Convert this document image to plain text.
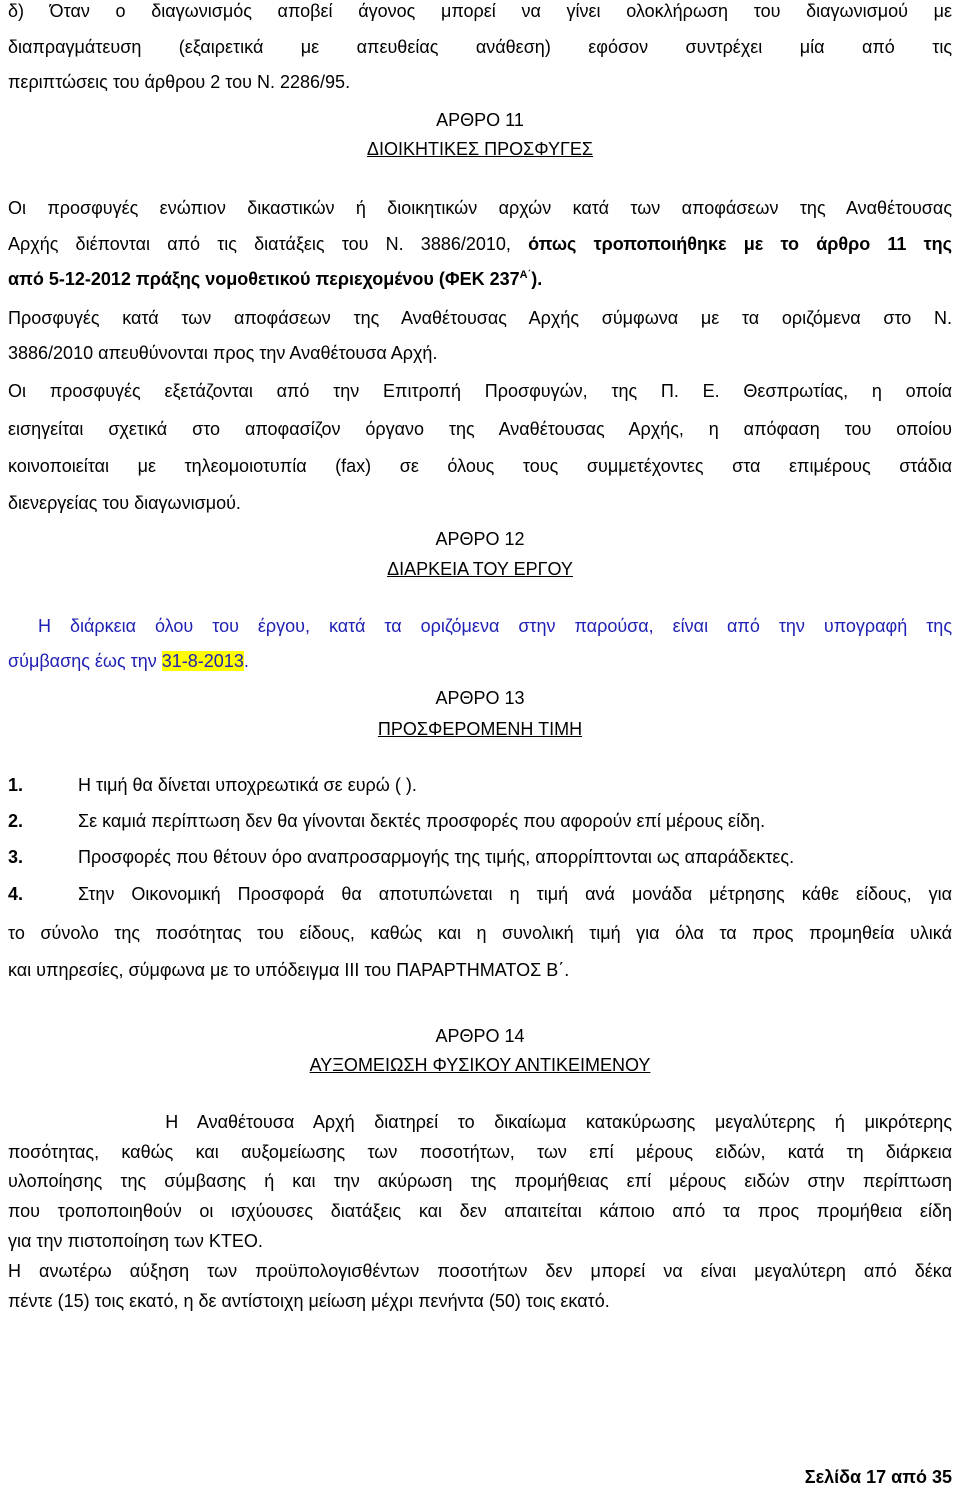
δ) Όταν ο διαγωνισμός αποβεί άγονος μπορεί να γίνει ολοκλήρωση του διαγωνισμού με
διαπραγμάτευση (εξαιρετικά με απευθείας ανάθεση) εφόσον συντρέχει μία από τις
περιπτώσεις του άρθρου 2 του Ν. 2286/95.
ΑΡΘΡΟ 11
ΔΙΟΙΚΗΤΙΚΕΣ ΠΡΟΣΦΥΓΕΣ
Οι προσφυγές ενώπιον δικαστικών ή διοικητικών αρχών κατά των αποφάσεων της Αναθέτουσας
Αρχής διέπονται από τις διατάξεις του Ν. 3886/2010, όπως τροποποιήθηκε με το άρθρο 11 της
από 5-12-2012 πράξης νομοθετικού περιεχομένου (ΦΕΚ $237^{A΄}$).
Προσφυγές κατά των αποφάσεων της Αναθέτουσας Αρχής σύμφωνα με τα οριζόμενα στο Ν.
3886/2010 απευθύνονται προς την Αναθέτουσα Αρχή.
Οι προσφυγές εξετάζονται από την Επιτροπή Προσφυγών, της Π. Ε. Θεσπρωτίας, η οποία
εισηγείται σχετικά στο αποφασίζον όργανο της Αναθέτουσας Αρχής, η απόφαση του οποίου
κοινοποιείται με τηλεομοιοτυπία (fax) σε όλους τους συμμετέχοντες στα επιμέρους στάδια
διενεργείας του διαγωνισμού.
ΑΡΘΡΟ 12
ΔΙΑΡΚΕΙΑ ΤΟΥ ΕΡΓΟΥ
Η διάρκεια όλου του έργου, κατά τα οριζόμενα στην παρούσα, είναι από την υπογραφή της
σύμβασης έως την 31-8-2013.
ΑΡΘΡΟ 13
ΠΡΟΣΦΕΡΟΜΕΝΗ ΤΙΜΗ
1.	Η τιμή θα δίνεται υποχρεωτικά σε ευρώ ( ).
2.	Σε καμιά περίπτωση δεν θα γίνονται δεκτές προσφορές που αφορούν επί μέρους είδη.
3.	Προσφορές που θέτουν όρο αναπροσαρμογής της τιμής, απορρίπτονται ως απαράδεκτες.
4.	Στην Οικονομική Προσφορά θα αποτυπώνεται η τιμή ανά μονάδα μέτρησης κάθε είδους, για
το σύνολο της ποσότητας του είδους, καθώς και η συνολική τιμή για όλα τα προς προμηθεία υλικά
και υπηρεσίες, σύμφωνα με το υπόδειγμα ΙΙΙ του ΠΑΡΑΡΤΗΜΑΤΟΣ Β΄.
ΑΡΘΡΟ 14
ΑΥΞΟΜΕΙΩΣΗ ΦΥΣΙΚΟΥ ΑΝΤΙΚΕΙΜΕΝΟΥ
Η Αναθέτουσα Αρχή διατηρεί το δικαίωμα κατακύρωσης μεγαλύτερης ή μικρότερης
ποσότητας, καθώς και αυξομείωσης των ποσοτήτων, των επί μέρους ειδών, κατά τη διάρκεια
υλοποίησης της σύμβασης ή και την ακύρωση της προμήθειας επί μέρους ειδών στην περίπτωση
που τροποποιηθούν οι ισχύουσες διατάξεις και δεν απαιτείται κάποιο από τα προς προμήθεια είδη
για την πιστοποίηση των ΚΤΕΟ.
Η ανωτέρω αύξηση των προϋπολογισθέντων ποσοτήτων δεν μπορεί να είναι μεγαλύτερη από δέκα
πέντε (15) τοις εκατό, η δε αντίστοιχη μείωση μέχρι πενήντα (50) τοις εκατό.
Σελίδα 17 από 35
